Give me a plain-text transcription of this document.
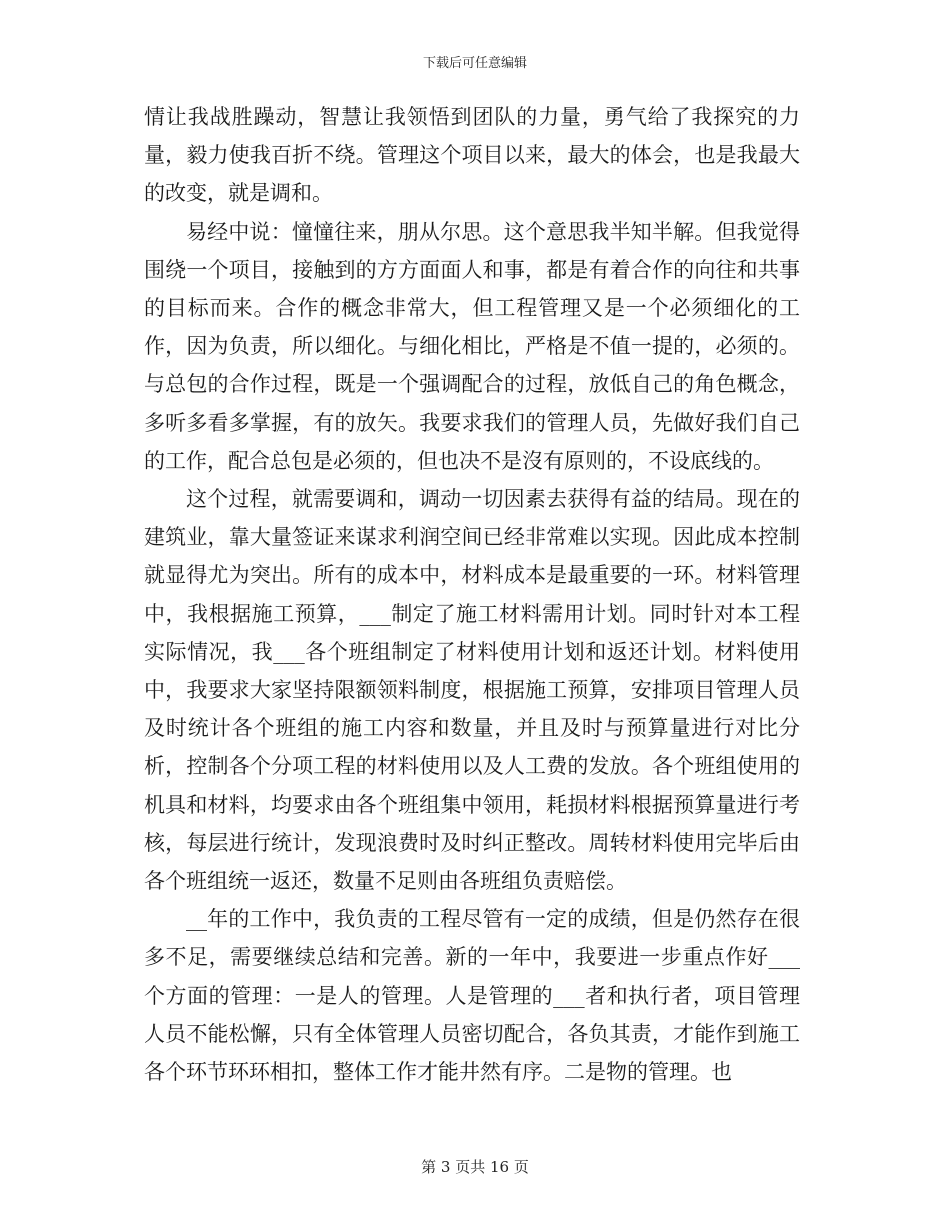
下载后可任意编辑

情让我战胜躁动，智慧让我领悟到团队的力量，勇气给了我探究的力量，毅力使我百折不绕。管理这个项目以来，最大的体会，也是我最大的改变，就是调和。

易经中说：憧憧往来，朋从尔思。这个意思我半知半解。但我觉得围绕一个项目，接触到的方方面面人和事，都是有着合作的向往和共事的目标而来。合作的概念非常大，但工程管理又是一个必须细化的工作，因为负责，所以细化。与细化相比，严格是不值一提的，必须的。与总包的合作过程，既是一个强调配合的过程，放低自己的角色概念，多听多看多掌握，有的放矢。我要求我们的管理人员，先做好我们自己的工作，配合总包是必须的，但也决不是沒有原则的，不设底线的。

这个过程，就需要调和，调动一切因素去获得有益的结局。现在的建筑业，靠大量签证来谋求利润空间已经非常难以实现。因此成本控制就显得尤为突出。所有的成本中，材料成本是最重要的一环。材料管理中，我根据施工预算，___制定了施工材料需用计划。同时针对本工程实际情况，我___各个班组制定了材料使用计划和返还计划。材料使用中，我要求大家坚持限额领料制度，根据施工预算，安排项目管理人员及时统计各个班组的施工内容和数量，并且及时与预算量进行对比分析，控制各个分项工程的材料使用以及人工费的发放。各个班组使用的机具和材料，均要求由各个班组集中领用，耗损材料根据预算量进行考核，每层进行统计，发现浪费时及时纠正整改。周转材料使用完毕后由各个班组统一返还，数量不足则由各班组负责赔偿。

__年的工作中，我负责的工程尽管有一定的成绩，但是仍然存在很多不足，需要继续总结和完善。新的一年中，我要进一步重点作好___个方面的管理：一是人的管理。人是管理的___者和执行者，项目管理人员不能松懈，只有全体管理人员密切配合，各负其责，才能作到施工各个环节环环相扣，整体工作才能井然有序。二是物的管理。也

第 3 页共 16 页
